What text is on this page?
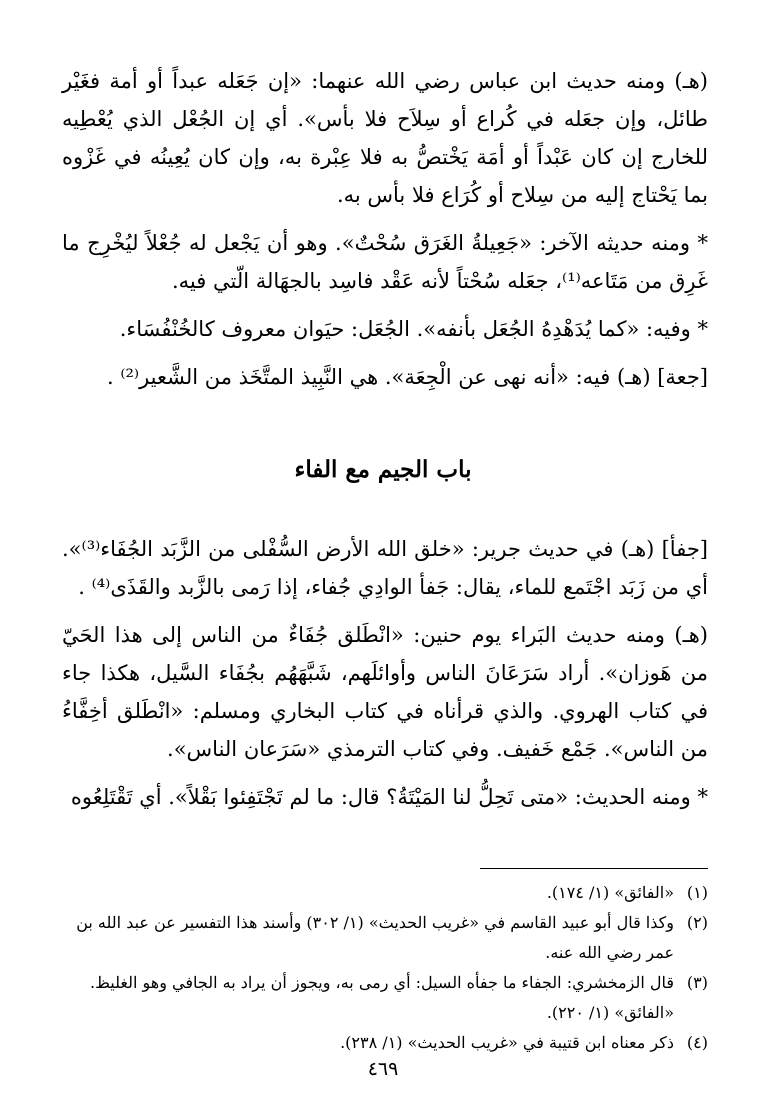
(هـ) ومنه حديث ابن عباس رضي الله عنهما: «إن جَعَله عبداً أو أمة فغَيْر طائل، وإن جعَله في كُراع أو سِلاَح فلا بأس». أي إن الجُعْل الذي يُعْطِيه للخارج إن كان عَبْداً أو أمَة يَخْتصُّ به فلا عِبْرة به، وإن كان يُعِينُه في غَزْوه بما يَحْتاج إليه من سِلاح أو كُرَاع فلا بأس به.

* ومنه حديثه الآخر: «جَعِيلةُ الغَرَق سُحْتٌ». وهو أن يَجْعل له جُعْلاً ليُخْرِج ما غَرِق من مَتَاعه⁽¹⁾، جعَله سُحْتاً لأنه عَقْد فاسِد بالجهَالة الّتي فيه.

* وفيه: «كما يُدَهْدِهُ الجُعَل بأنفه». الجُعَل: حيَوان معروف كالخُنْفُسَاء.

[جعة] (هـ) فيه: «أنه نهى عن الْجِعَة». هي النَّبِيذ المتَّخَذ من الشَّعير⁽²⁾ .

باب الجيم مع الفاء

[جفأ] (هـ) في حديث جرير: «خلق الله الأرض السُّفْلى من الزَّبَد الجُفَاء⁽³⁾». أي من زَبَد اجْتَمع للماء، يقال: جَفأ الوادِي جُفاء، إذا رَمى بالزَّبد والقَذَى⁽⁴⁾ .

(هـ) ومنه حديث البَراء يوم حنين: «انْطَلق جُفَاءٌ من الناس إلى هذا الحَيّ من هَوزان». أراد سَرَعَانَ الناس وأوائلَهم، شَبَّهَهُم بجُفَاء السَّيل، هكذا جاء في كتاب الهروي. والذي قرأناه في كتاب البخاري ومسلم: «انْطَلق أخِفَّاءُ من الناس». جَمْع خَفيف. وفي كتاب الترمذي «سَرَعان الناس».

* ومنه الحديث: «متى تَحِلُّ لنا المَيْتَةُ؟ قال: ما لم تَجْتَفِئوا بَقْلاً». أي تَقْتَلِعُوه

(١)
«الفائق» (١/ ١٧٤).
(٢)
وكذا قال أبو عبيد القاسم في «غريب الحديث» (١/ ٣٠٢) وأسند هذا التفسير عن عبد الله بن عمر رضي الله عنه.
(٣)
قال الزمخشري: الجفاء ما جفأه السيل: أي رمى به، ويجوز أن يراد به الجافي وهو الغليظ. «الفائق» (١/ ٢٢٠).
(٤)
ذكر معناه ابن قتيبة في «غريب الحديث» (١/ ٢٣٨).
٤٦٩
